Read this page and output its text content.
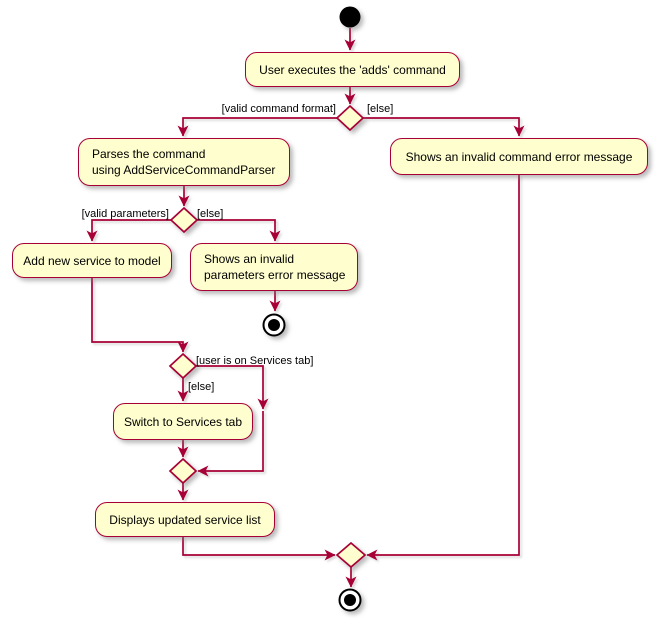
User executes the 'adds' command
Parses the command
using AddServiceCommandParser
Shows an invalid command error message
Add new service to model	Shows an invalid
parameters error message
Switch to Services tab
Displays updated service list
[valid command format]	[else]
[valid parameters]	[else]
[user is on Services tab]
[else]
